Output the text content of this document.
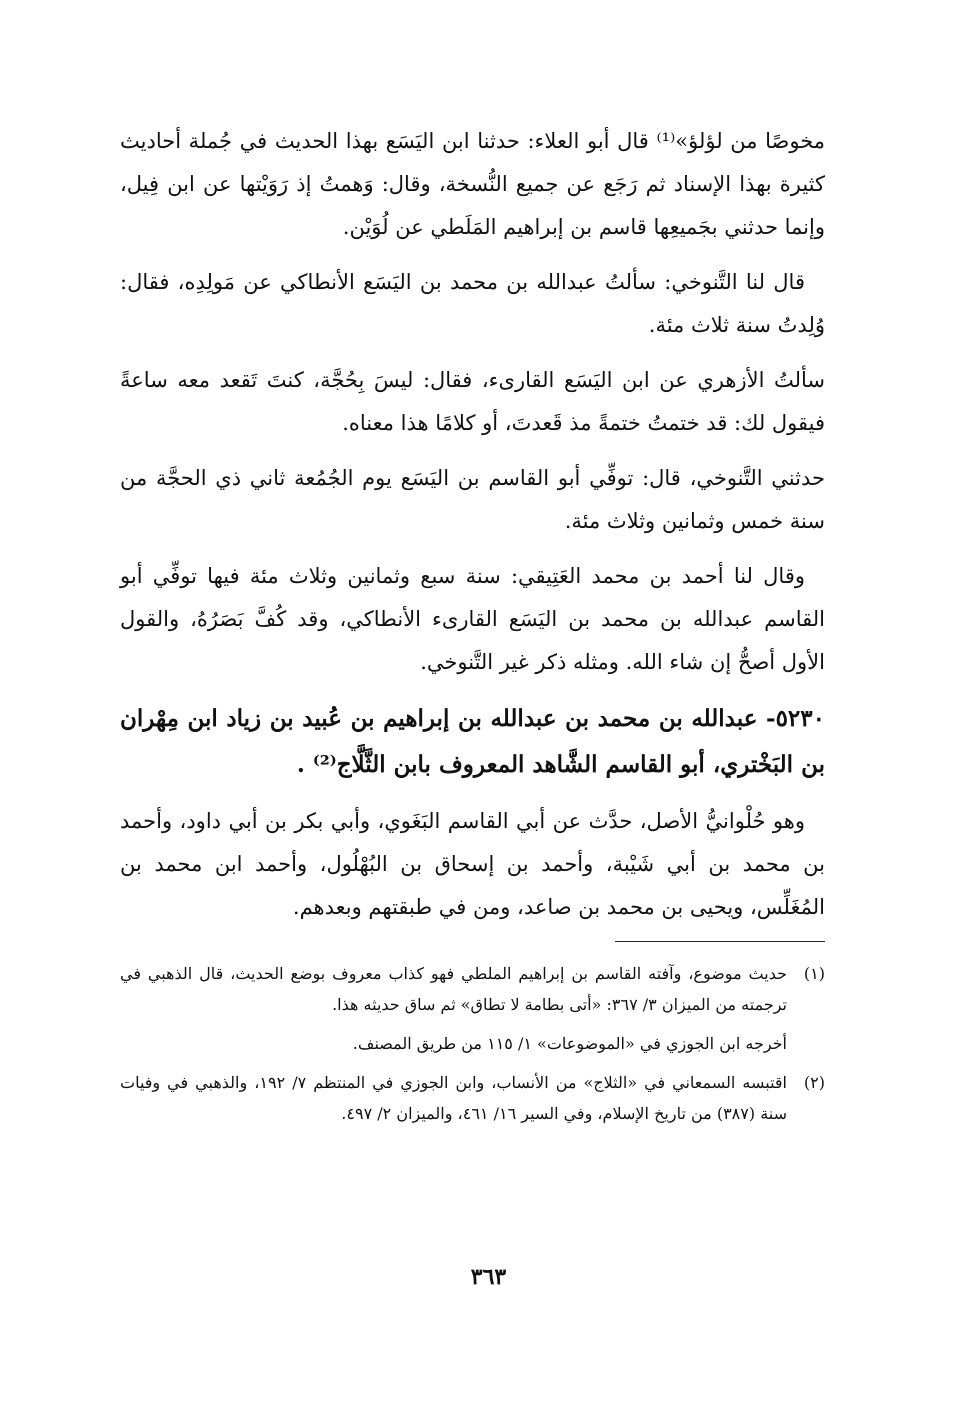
مخوصًا من لؤلؤ»⁽¹⁾ قال أبو العلاء: حدثنا ابن اليَسَع بهذا الحديث في جُملة أحاديث كثيرة بهذا الإسناد ثم رَجَع عن جميع النُّسخة، وقال: وَهمتُ إذ رَوَيْتها عن ابن فِيل، وإنما حدثني بجَميعِها قاسم بن إبراهيم المَلَطي عن لُوَيْن.

قال لنا التَّنوخي: سألتُ عبدالله بن محمد بن اليَسَع الأنطاكي عن مَولِدِه، فقال: وُلِدتُ سنة ثلاث مئة.

سألتُ الأزهري عن ابن اليَسَع القارىء، فقال: ليسَ بِحُجَّة، كنتَ تَقعد معه ساعةً فيقول لك: قد ختمتُ ختمةً مذ قَعدتَ، أو كلامًا هذا معناه.

حدثني التَّنوخي، قال: توفِّي أبو القاسم بن اليَسَع يوم الجُمُعة ثاني ذي الحجَّة من سنة خمس وثمانين وثلاث مئة.

وقال لنا أحمد بن محمد العَتِيقي: سنة سبع وثمانين وثلاث مئة فيها توفِّي أبو القاسم عبدالله بن محمد بن اليَسَع القارىء الأنطاكي، وقد كُفَّ بَصَرُهُ، والقول الأول أصحُّ إن شاء الله. ومثله ذكر غير التَّنوخي.

٥٢٣٠- عبدالله بن محمد بن عبدالله بن إبراهيم بن عُبيد بن زياد ابن مِهْران بن البَخْتري، أبو القاسم الشَّاهد المعروف بابن الثَّلَّاج⁽²⁾ .

وهو حُلْوانيُّ الأصل، حدَّث عن أبي القاسم البَغَوي، وأبي بكر بن أبي داود، وأحمد بن محمد بن أبي شَيْبة، وأحمد بن إسحاق بن البُهْلُول، وأحمد ابن محمد بن المُغَلِّس، ويحيى بن محمد بن صاعد، ومن في طبقتهم وبعدهم.

(١)
حديث موضوع، وآفته القاسم بن إبراهيم الملطي فهو كذاب معروف بوضع الحديث، قال الذهبي في ترجمته من الميزان ٣/ ٣٦٧: «أتى بطامة لا تطاق» ثم ساق حديثه هذا.

أخرجه ابن الجوزي في «الموضوعات» ١/ ١١٥ من طريق المصنف.

(٢)
اقتبسه السمعاني في «الثلاج» من الأنساب، وابن الجوزي في المنتظم ٧/ ١٩٢، والذهبي في وفيات سنة (٣٨٧) من تاريخ الإسلام، وفي السير ١٦/ ٤٦١، والميزان ٢/ ٤٩٧.
٣٦٣
